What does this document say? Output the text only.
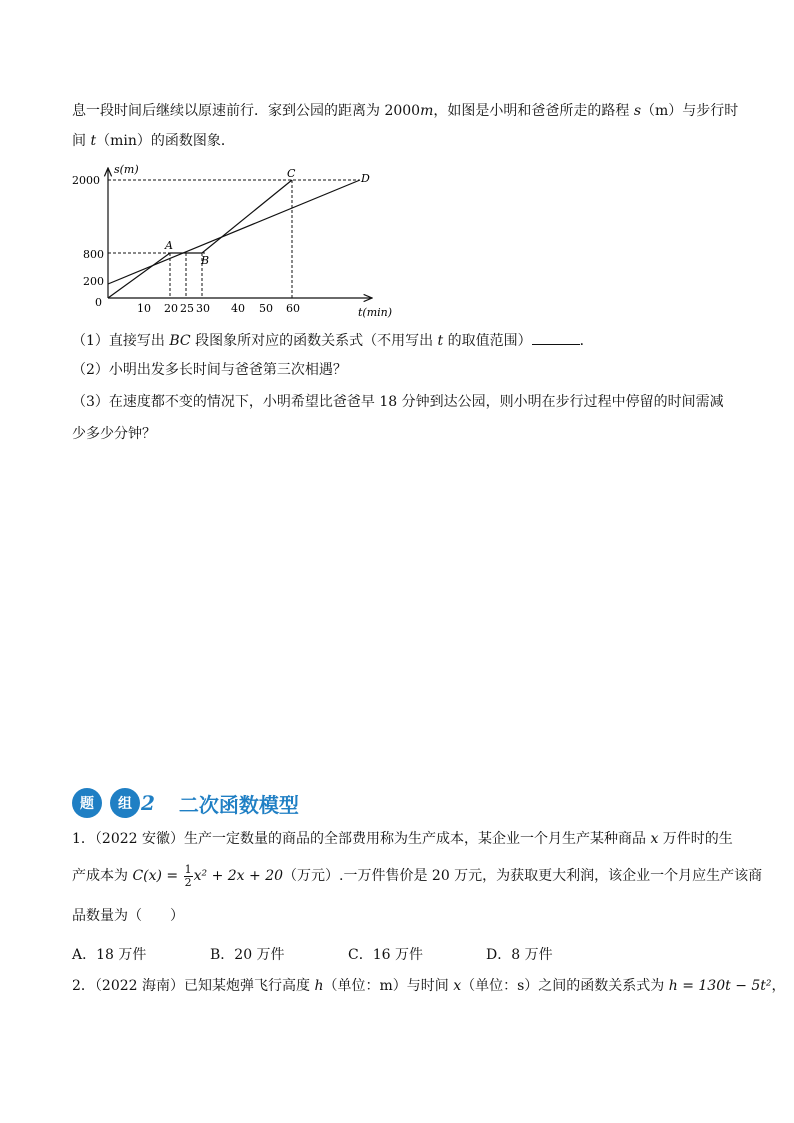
息一段时间后继续以原速前行．家到公园的距离为 2000m，如图是小明和爸爸所走的路程 s（m）与步行时
间 t（min）的函数图象．
s(m)
t(min)
0
2000
800
200
10 20 25 30 40 50 60
A
B
C	D
（1）直接写出 BC 段图象所对应的函数关系式（不用写出 t 的取值范围）	．
（2）小明出发多长时间与爸爸第三次相遇？
（3）在速度都不变的情况下，小明希望比爸爸早 18 分钟到达公园，则小明在步行过程中停留的时间需减
少多少分钟？
题	组 2 二次函数模型
1．（2022 安徽）生产一定数量的商品的全部费用称为生产成本，某企业一个月生产某种商品 x 万件时的生
产成本为 $C(x) = \frac{1}{2} x^2 + 2x + 20$（万元）.一万件售价是 20 万元，为获取更大利润，该企业一个月应生产该商
品数量为（　　）
A．18 万件	B．20 万件	C．16 万件	D．8 万件
2．（2022 海南）已知某炮弹飞行高度 h（单位：m）与时间 x（单位：s）之间的函数关系式为 h = 130t − 5t²，
